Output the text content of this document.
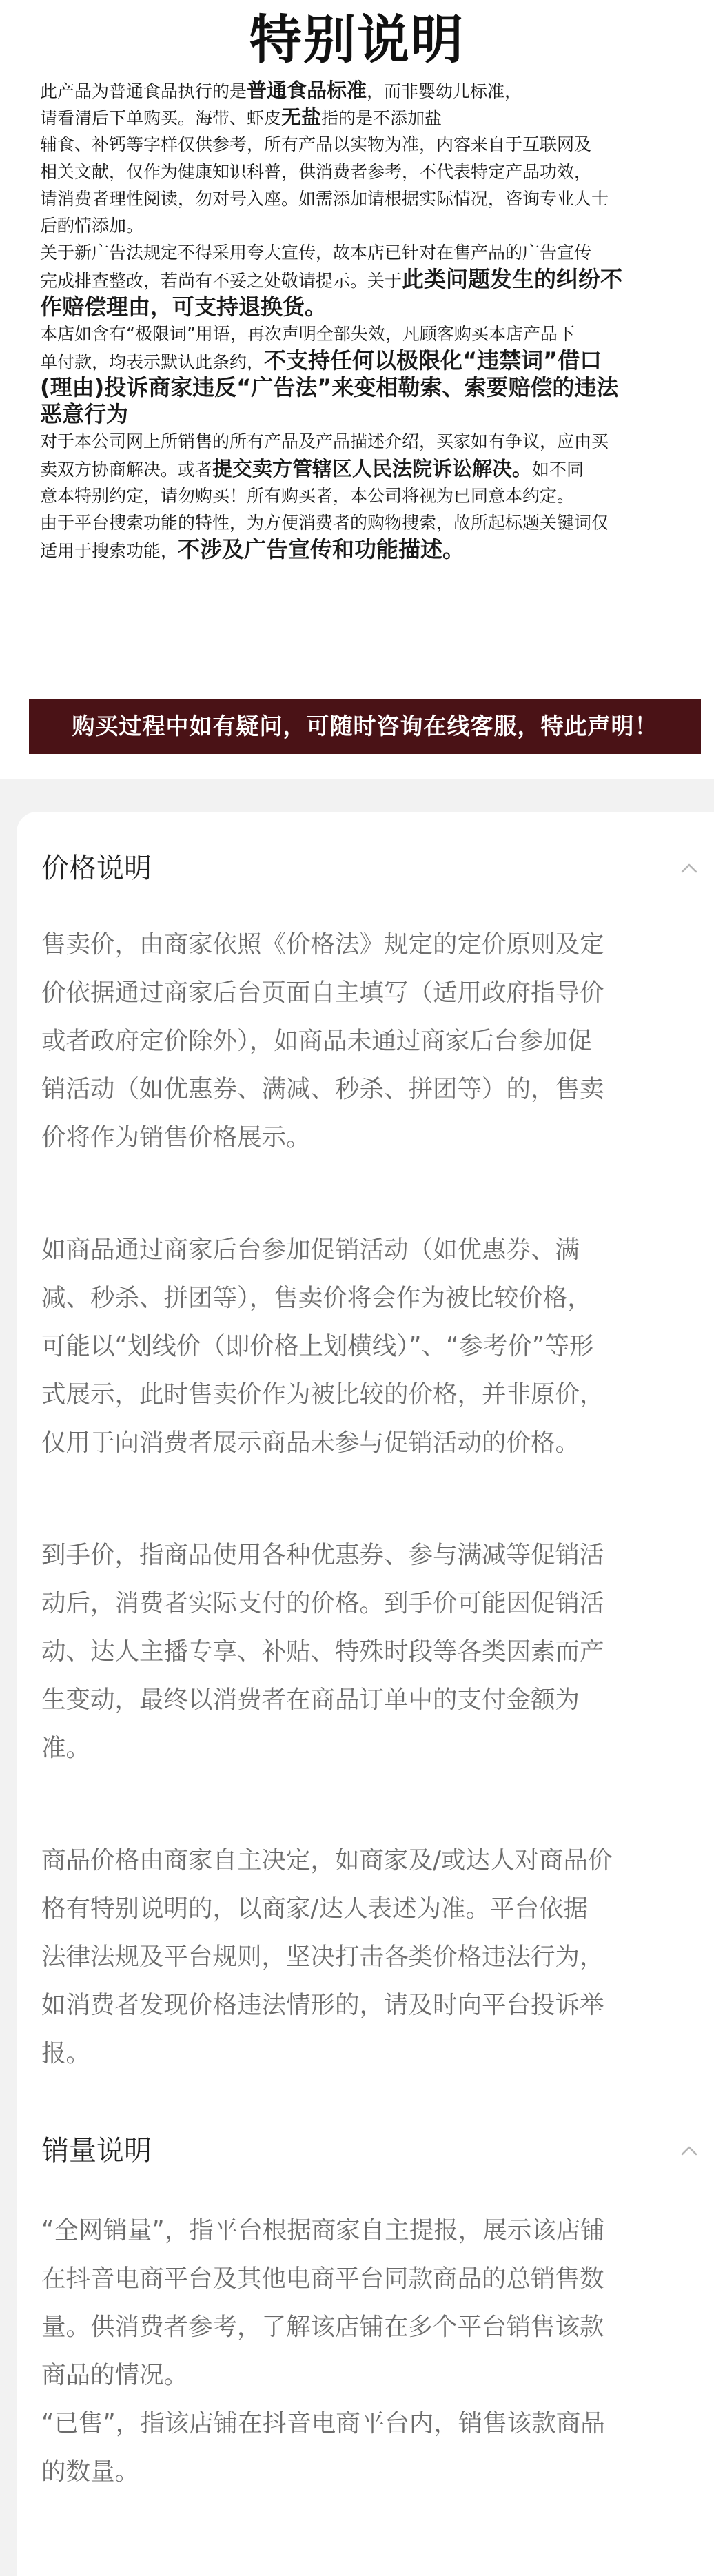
特别说明
此产品为普通食品执行的是普通食品标准，而非婴幼儿标准，
请看清后下单购买。海带、虾皮无盐指的是不添加盐
辅食、补钙等字样仅供参考，所有产品以实物为准，内容来自于互联网及
相关文献，仅作为健康知识科普，供消费者参考，不代表特定产品功效，
请消费者理性阅读，勿对号入座。如需添加请根据实际情况，咨询专业人士
后酌情添加。
关于新广告法规定不得采用夸大宣传，故本店已针对在售产品的广告宣传
完成排查整改，若尚有不妥之处敬请提示。关于此类问题发生的纠纷不
作赔偿理由，可支持退换货。
本店如含有“极限词”用语，再次声明全部失效，凡顾客购买本店产品下
单付款，均表示默认此条约，不支持任何以极限化“违禁词”借口
(理由)投诉商家违反“广告法”来变相勒索、索要赔偿的违法
恶意行为
对于本公司网上所销售的所有产品及产品描述介绍，买家如有争议，应由买
卖双方协商解决。或者提交卖方管辖区人民法院诉讼解决。如不同
意本特别约定，请勿购买！所有购买者，本公司将视为已同意本约定。
由于平台搜索功能的特性，为方便消费者的购物搜索，故所起标题关键词仅
适用于搜索功能，不涉及广告宣传和功能描述。
购买过程中如有疑问，可随时咨询在线客服，特此声明！
价格说明
售卖价，由商家依照《价格法》规定的定价原则及定
价依据通过商家后台页面自主填写（适用政府指导价
或者政府定价除外），如商品未通过商家后台参加促
销活动（如优惠券、满减、秒杀、拼团等）的，售卖
价将作为销售价格展示。
如商品通过商家后台参加促销活动（如优惠券、满
减、秒杀、拼团等），售卖价将会作为被比较价格，
可能以“划线价（即价格上划横线）”、“参考价”等形
式展示，此时售卖价作为被比较的价格，并非原价，
仅用于向消费者展示商品未参与促销活动的价格。
到手价，指商品使用各种优惠券、参与满减等促销活
动后，消费者实际支付的价格。到手价可能因促销活
动、达人主播专享、补贴、特殊时段等各类因素而产
生变动，最终以消费者在商品订单中的支付金额为
准。
商品价格由商家自主决定，如商家及/或达人对商品价
格有特别说明的，以商家/达人表述为准。平台依据
法律法规及平台规则，坚决打击各类价格违法行为，
如消费者发现价格违法情形的，请及时向平台投诉举
报。
销量说明
“全网销量”，指平台根据商家自主提报，展示该店铺
在抖音电商平台及其他电商平台同款商品的总销售数
量。供消费者参考，了解该店铺在多个平台销售该款
商品的情况。
“已售”，指该店铺在抖音电商平台内，销售该款商品
的数量。
